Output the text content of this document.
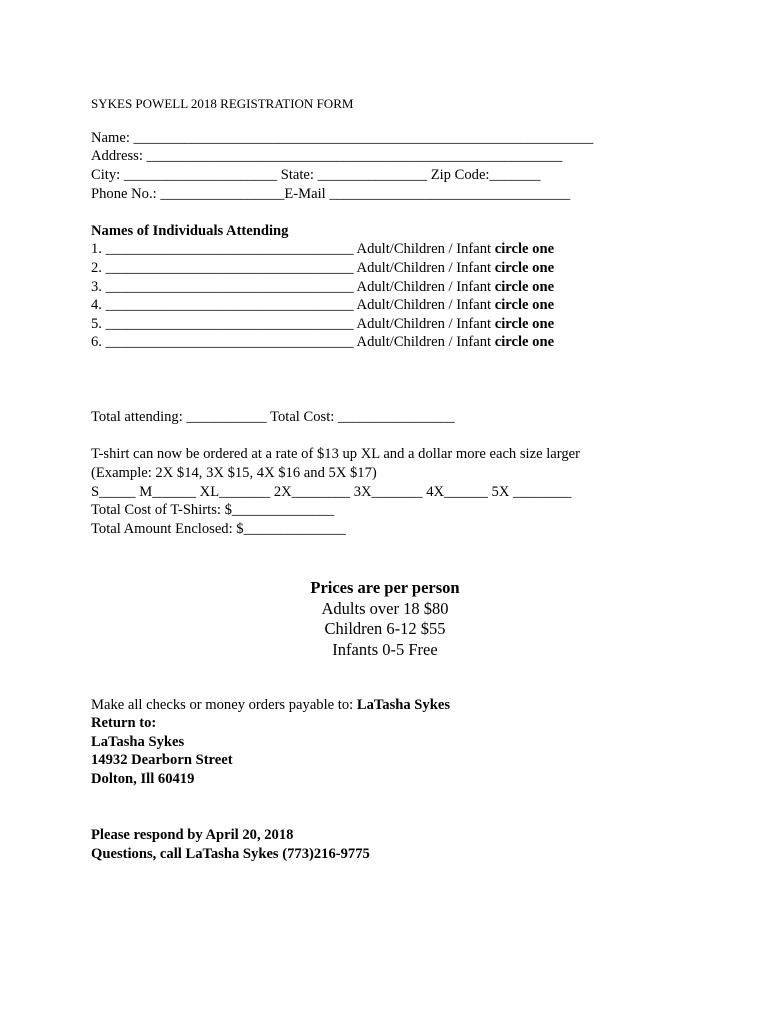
SYKES POWELL 2018 REGISTRATION FORM
Name: _______________________________________________________________
Address: _________________________________________________________
City: _____________________ State: _______________ Zip Code:_______
Phone No.: _________________E-Mail _________________________________
Names of Individuals Attending
1. __________________________________ Adult/Children / Infant circle one
2. __________________________________ Adult/Children / Infant circle one
3. __________________________________ Adult/Children / Infant circle one
4. __________________________________ Adult/Children / Infant circle one
5. __________________________________ Adult/Children / Infant circle one
6. __________________________________ Adult/Children / Infant circle one
Total attending: ___________ Total Cost: ________________
T-shirt can now be ordered at a rate of $13 up XL and a dollar more each size larger
(Example: 2X $14, 3X $15, 4X $16 and 5X $17)
S_____ M______ XL_______ 2X________ 3X_______ 4X______ 5X ________
Total Cost of T-Shirts: $______________
Total Amount Enclosed: $______________
Prices are per person
Adults over 18 $80
Children 6-12 $55
Infants 0-5 Free
Make all checks or money orders payable to: LaTasha Sykes
Return to:
LaTasha Sykes
14932 Dearborn Street
Dolton, Ill 60419
Please respond by April 20, 2018
Questions, call LaTasha Sykes (773)216-9775
